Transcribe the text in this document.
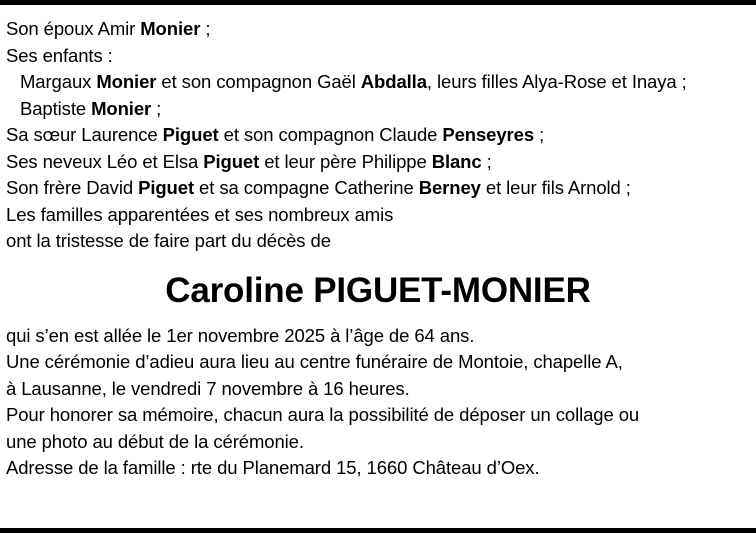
Son époux Amir Monier ;
Ses enfants :
Margaux Monier et son compagnon Gaël Abdalla, leurs filles Alya-Rose et Inaya ;
Baptiste Monier ;
Sa sœur Laurence Piguet et son compagnon Claude Penseyres ;
Ses neveux Léo et Elsa Piguet et leur père Philippe Blanc ;
Son frère David Piguet et sa compagne Catherine Berney et leur fils Arnold ;
Les familles apparentées et ses nombreux amis
ont la tristesse de faire part du décès de
Caroline PIGUET-MONIER
qui s’en est allée le 1er novembre 2025 à l’âge de 64 ans.
Une cérémonie d’adieu aura lieu au centre funéraire de Montoie, chapelle A,
à Lausanne, le vendredi 7 novembre à 16 heures.
Pour honorer sa mémoire, chacun aura la possibilité de déposer un collage ou
une photo au début de la cérémonie.
Adresse de la famille : rte du Planemard 15, 1660 Château d’Oex.
